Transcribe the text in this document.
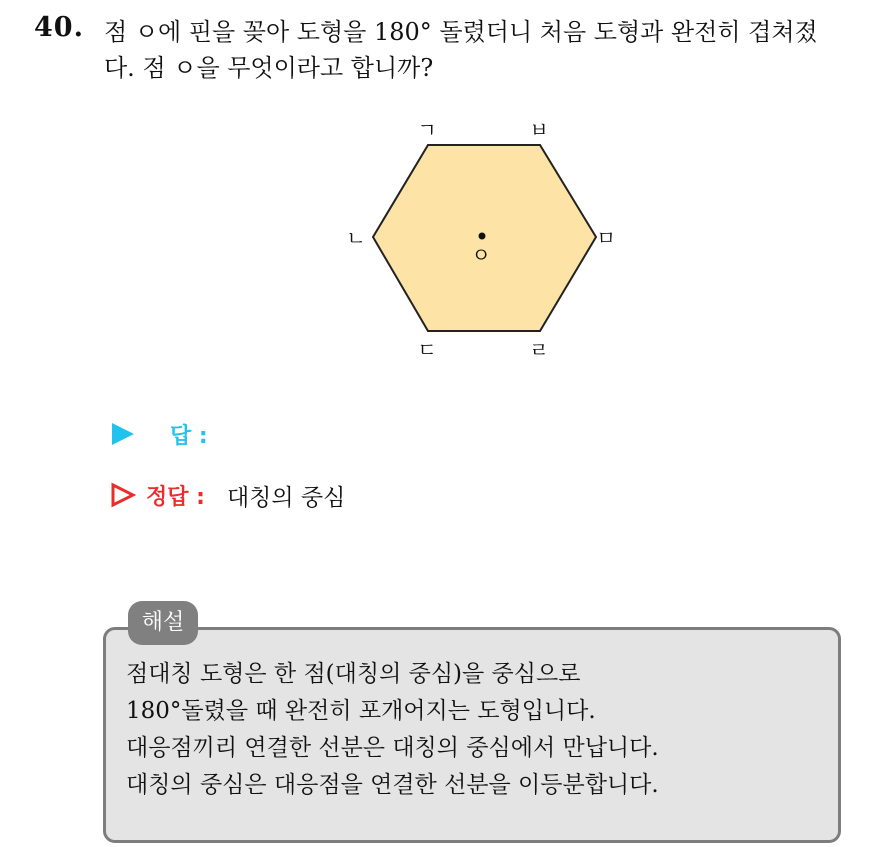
40. 점 ㅇ에 핀을 꽂아 도형을 180° 돌렸더니 처음 도형과 완전히 겹쳐졌
다. 점 ㅇ을 무엇이라고 합니까?
ㅇ
ㄱ	ㅂ
ㄴ	ㅁ
ㄷ	ㄹ
답 :
정답 : 대칭의 중심
해설
점대칭 도형은 한 점(대칭의 중심)을 중심으로
180°돌렸을 때 완전히 포개어지는 도형입니다.
대응점끼리 연결한 선분은 대칭의 중심에서 만납니다.
대칭의 중심은 대응점을 연결한 선분을 이등분합니다.
